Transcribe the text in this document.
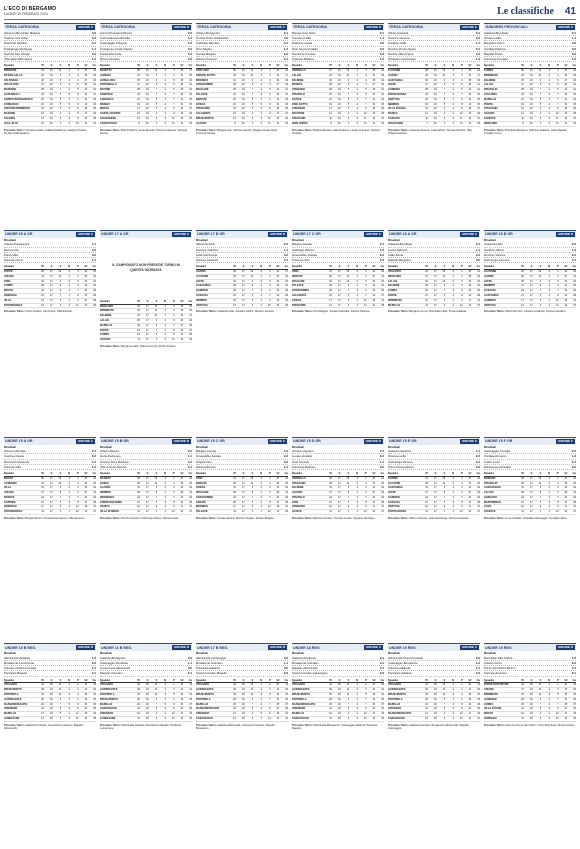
L'ECO DI BERGAMO
LUNEDÌ 19 FEBBRAIO 2024	Le classifiche 41
TERZA CATEGORIA	GIRONE A
Almenno-Brembate Madone	3-2
Caprino-Cisi Vidue	4-3
Nazionali Sedrina	3-1
Pradalunga Pedrengo	1-1
Sedrina San Giorgio	2-0
Villa Valle Vall'Imagna	1-2
Squadre	Pt	G	V	N	P	Gf	Gs
PREDORE	34	16	11	1	4	33	19
SP.SAN GALLO	30	16	9	3	4	28	18
VALTRIANA	28	16	8	4	4	27	20
SOLZA 2000	27	16	8	3	5	25	21
MATERNA	25	16	7	4	5	24	22
GAFFARELLI	23	16	6	5	5	22	21
SABBIO BERGAMASCO	22	16	6	4	6	21	22
CURNASCO	20	16	5	5	6	19	23
AMATORI BREMBATE	18	16	5	3	8	18	25
MADONE	16	16	4	4	8	17	26
CALEPIO	13	16	3	4	9	14	28
GALLUS 09	10	16	2	4	10	12	31
Prossimo Turno: Curnasco-Solza, Gaffarelli-Materna, Calepio-Predore, Sp.San Gallo-Madone.
TERZA CATEGORIA	GIRONE B
Aurora Presolana-Branzi	2-2
Ambrosiana-Fontanella	4-1
Caravaggio-Chignolo	1-0
Colognese-Costa Volpino	2-0
Fontanella-Gorle	0-1
Mozzo-Sorisole	0-3
Squadre	Pt	G	V	N	P	Gf	Gs
ROVETTA	35	16	11	2	3	36	17
AURORA	31	16	9	4	3	30	20
GORLE 2001	29	16	9	2	5	28	22
FONTANELLA	27	16	8	3	5	26	21
PAVONE	25	16	7	4	5	25	22
SORISOLE	23	16	7	2	7	24	24
CHIGNOLO	21	16	6	3	7	22	25
BRANZI	19	16	5	4	7	21	26
MOZZO	17	16	5	2	9	19	27
COSTA VOLPINO	15	16	4	3	9	18	29
COLOGNESE	12	16	3	3	10	15	30
CARAVAGGIO	8	16	2	2	12	12	33
Prossimo Turno: Branzi-Mozzo, Gorle-Rovetta, Pavone-Chignolo, Sorisole-Aurora.
TERZA CATEGORIA	GIRONE C
Alzano-Brusaporto	2-1
Cenate Sotto-Grassobbio	0-0
Calcinate-Mornico	3-1
Orio-Telgate	1-2
Seriate-Bolgare	2-2
Zanica-Trescore	0-1
Squadre	Pt	G	V	N	P	Gf	Gs
ORIO 1983	36	16	11	3	2	34	15
CENATE SOTTO	33	16	10	3	3	31	17
MORNICO	31	16	9	4	3	29	18
GRASSOBBIO	28	16	8	4	4	27	19
BOLGARE	25	16	7	4	5	24	21
TELGATE	24	16	7	3	6	23	22
SERIATE	22	16	6	4	6	22	23
ZANICA	20	16	5	5	6	20	23
TRESCORE	18	16	5	3	8	18	25
CALCINATE	15	16	4	3	9	17	27
BRUSAPORTO	12	16	3	3	10	14	30
ALZANO	9	16	2	3	11	12	33
Prossimo Turno: Bolgare-Orio, Mornico-Zanica, Telgate-Cenate Sotto, Trescore-Seriate.
TERZA CATEGORIA	GIRONE D
Bonate-Osio Sotto	2-1
Ciserano-Lallio	1-1
Dalmine-Levate	3-0
Osio Sopra-Verdello	0-2
Stezzano-Treviolo	2-3
Urgnano-Boltiere	1-0
Squadre	Pt	G	V	N	P	Gf	Gs
VERDELLO	37	16	12	1	3	35	16
LALLIO	32	16	10	2	4	30	18
DALMINE	30	16	9	3	4	28	19
BONATE	28	16	8	4	4	27	20
URGNANO	26	16	8	2	6	25	22
TREVIOLO	24	16	7	3	6	23	22
LEVATE	21	16	6	3	7	21	24
OSIO SOTTO	19	16	5	4	7	20	25
CISERANO	17	16	5	2	9	18	26
BOLTIERE	14	16	4	2	10	16	28
STEZZANO	11	16	3	2	11	14	31
OSIO SOPRA	8	16	2	2	12	11	34
Prossimo Turno: Boltiere-Bonate, Lallio-Dalmine, Levate-Urgnano, Treviolo-Verdello.
TERZA CATEGORIA	GIRONE E
Albino-Casazza	3-1
Clusone-Vertova	2-0
Gandino-Leffe	1-1
Nembro-Ponte Nossa	0-1
Ranica-Villa d'Ogna	2-2
Schilpario-Gazzaniga	1-3
Squadre	Pt	G	V	N	P	Gf	Gs
CLUSONE	38	16	12	2	2	36	14
ALBINO	33	16	10	3	3	31	17
GAZZANIGA	30	16	9	3	4	28	19
LEFFE	27	16	8	3	5	26	21
GANDINO	25	16	7	4	5	24	21
PONTE NOSSA	23	16	7	2	7	23	23
VERTOVA	20	16	6	2	8	21	25
NEMBRO	18	16	5	3	8	19	26
VILLA D'OGNA	16	16	4	4	8	18	27
RANICA	14	16	4	2	10	16	29
CASAZZA	11	16	3	2	11	14	31
SCHILPARIO	7	16	2	1	13	10	35
Prossimo Turno: Casazza-Clusone, Leffe-Albino, Vertova-Nembro, Villa d'Ogna-Gandino.
JUNIORES PROVINCIALI	GIRONE A
Atalanta-Brembate	2-1
Azzano-Lallio	1-1
Bergamo-Curno	3-0
Cividate-Dalmine	0-2
Mapello-Ponte	2-2
Stezzano-Treviglio	1-0
Squadre	Pt	G	V	N	P	Gf	Gs
CURNO	36	16	11	3	2	33	15
BREMBATE	32	16	10	2	4	30	18
DALMINE	29	16	9	2	5	27	20
LALLIO	27	16	8	3	5	26	21
TREVIGLIO	25	16	7	4	5	24	21
ATALANTA	23	16	7	2	7	23	23
MAPELLO	21	16	6	3	7	21	24
PONTE	19	16	5	4	7	20	25
STEZZANO	16	16	4	4	8	18	26
AZZANO	14	16	4	2	10	16	28
CIVIDATE	11	16	3	2	11	14	31
BERGAMO	8	16	2	2	12	11	34
Prossimo Turno: Brembate-Bergamo, Dalmine-Atalanta, Lallio-Mapello, Treviglio-Curno.
UNDER 19 A GR	GIRONE A
Risultati
Cisano-Ponteranica	4-1
Mozzo-Orio	2-2
Ponte-Villa	3-0
Sorisole-Curno	1-1
Squadre	Pt	G	V	N	P	Gf	Gs
PONTE	38	17	12	2	3	40	18
CISANO	34	17	10	4	3	35	20
ORIO	31	17	9	4	4	31	22
CURNO	28	17	8	4	5	28	23
MOZZO	26	17	8	2	7	26	25
SORISOLE	23	17	7	2	8	23	26
VILLA	19	17	5	4	8	20	28
PONTERANICA	12	17	3	3	11	14	36
Prossimo Turno: Curno-Cisano, Orio-Ponte, Villa-Sorisole.
UNDER 17 A GR	GIRONE A
IL CAMPIONATO NON PREVEDE TURNO IN QUESTA GIORNATA
Squadre	Pt	G	V	N	P	Gf	Gs
BERGAMO	40	17	13	1	3	44	16
BREMBATE	36	17	11	3	3	38	19
DALMINE	33	17	10	3	4	34	21
LALLIO	29	17	9	2	6	30	24
MAPELLO	26	17	8	2	7	27	26
PONTE	23	17	7	2	8	24	27
CURNO	19	17	5	4	8	20	29
AZZANO	11	17	3	2	12	14	39
Prossimo Turno: Bergamo-Lallio, Dalmine-Curno, Ponte-Azzano.
UNDER 17 B GR	GIRONE B
Risultati
Albino-Nembro	2-0
Clusone-Gandino	1-1
Leffe-Gazzaniga	3-2
Vertova-Casazza	0-1
Squadre	Pt	G	V	N	P	Gf	Gs
ALBINO	39	17	12	3	2	41	17
CLUSONE	35	17	11	2	4	36	20
LEFFE	31	17	9	4	4	32	22
GAZZANIGA	28	17	8	4	5	29	24
GANDINO	25	17	7	4	6	26	25
CASAZZA	22	17	6	4	7	22	26
NEMBRO	18	17	5	3	9	19	30
VERTOVA	13	17	3	4	10	15	36
Prossimo Turno: Casazza-Leffe, Gandino-Albino, Nembro-Vertova.
UNDER 17 C GR	GIRONE C
Risultati
Bolgare-Seriate	2-1
Calcinate-Zanica	1-0
Grassobbio-Telgate	2-2
Trescore-Orio	0-3
Squadre	Pt	G	V	N	P	Gf	Gs
ORIO	41	17	13	2	2	42	15
SERIATE	36	17	11	3	3	37	19
BOLGARE	32	17	10	2	5	33	22
TELGATE	28	17	8	4	5	29	24
GRASSOBBIO	25	17	7	4	6	26	25
CALCINATE	22	17	6	4	7	22	27
ZANICA	17	17	5	2	10	18	31
TRESCORE	12	17	3	3	11	14	38
Prossimo Turno: Orio-Bolgare, Seriate-Calcinate, Zanica-Trescore.
UNDER 16 A GR	GIRONE A
Risultati
Atalanta-Brembate	3-1
Curno-Dalmine	1-1
Lallio-Ponte	2-0
Mapello-Bergamo	0-2
Squadre	Pt	G	V	N	P	Gf	Gs
ATALANTA	42	17	13	3	1	45	14
BERGAMO	37	17	11	4	2	38	18
LALLIO	32	17	10	2	5	32	22
DALMINE	28	17	8	4	5	28	24
CURNO	25	17	7	4	6	25	25
PONTE	21	17	6	3	8	21	28
BREMBATE	16	17	4	4	9	17	31
MAPELLO	11	17	3	2	12	13	37
Prossimo Turno: Bergamo-Curno, Brembate-Lallio, Ponte-Atalanta.
UNDER 16 B GR	GIRONE B
Risultati
Casazza-Leffe	2-2
Gandino-Albino	1-3
Nembro-Vertova	2-0
Gazzaniga-Clusone	0-1
Squadre	Pt	G	V	N	P	Gf	Gs
CLUSONE	40	17	12	4	1	40	15
ALBINO	36	17	11	3	3	37	19
LEFFE	30	17	9	3	5	31	23
NEMBRO	27	17	8	3	6	27	25
CASAZZA	24	17	7	3	7	24	26
GAZZANIGA	21	17	6	3	8	21	28
GANDINO	17	17	5	2	10	18	32
VERTOVA	12	17	3	3	11	14	37
Prossimo Turno: Albino-Nembro, Clusone-Casazza, Vertova-Gandino.
UNDER 15 A GR	GIRONE A
Risultati
Almenno-Bonate	2-1
Caprino-Cisano	0-0
Mozzo-Ponteranica	3-1
Sorisole-Villa	1-2
Squadre	Pt	G	V	N	P	Gf	Gs
MOZZO	39	17	12	3	2	39	16
ALMENNO	34	17	10	4	3	34	20
VILLA	31	17	9	4	4	30	22
CISANO	27	17	8	3	6	27	24
BONATE	24	17	7	3	7	24	26
CAPRINO	21	17	6	3	8	21	28
SORISOLE	17	17	5	2	10	18	31
PONTERANICA	11	17	3	2	12	13	37
Prossimo Turno: Bonate-Mozzo, Ponteranica-Caprino, Villa-Almenno.
UNDER 15 B GR	GIRONE B
Risultati
Alzano-Ranica	2-0
Gorle-Pedrengo	1-1
Scanzo-Torre Boldone	3-2
Villa di Serio-Nembro	0-1
Squadre	Pt	G	V	N	P	Gf	Gs
SCANZO	40	17	12	4	1	41	16
GORLE	35	17	11	2	4	35	20
ALZANO	31	17	9	4	4	31	22
NEMBRO	28	17	8	4	5	28	24
PEDRENGO	24	17	7	3	7	24	26
TORRE BOLDONE	21	17	6	3	8	22	28
RANICA	16	17	4	4	9	17	31
VILLA DI SERIO	11	17	3	2	12	13	37
Prossimo Turno: Nembro-Scanzo, Pedrengo-Alzano, Ranica-Gorle.
UNDER 15 C GR	GIRONE C
Risultati
Bolgare-Cenate	1-0
Grassobbio-Seriate	2-2
Telgate-Orio	0-3
Zanica-Mornico	2-1
Squadre	Pt	G	V	N	P	Gf	Gs
ORIO	41	17	13	2	2	43	15
SERIATE	35	17	11	2	4	36	20
ZANICA	31	17	9	4	4	31	23
BOLGARE	28	17	8	4	5	28	24
GRASSOBBIO	24	17	7	3	7	24	26
CENATE	20	17	6	2	9	21	29
MORNICO	17	17	5	2	10	18	31
TELGATE	11	17	3	2	12	13	36
Prossimo Turno: Cenate-Zanica, Mornico-Telgate, Seriate-Bolgare.
UNDER 15 D GR	GIRONE D
Risultati
Azzano-Urgnano	2-1
Levate-Verdello	0-2
Osio-Treviolo	1-1
Stezzano-Dalmine	3-0
Squadre	Pt	G	V	N	P	Gf	Gs
VERDELLO	42	17	13	3	1	44	14
STEZZANO	36	17	11	3	3	37	19
DALMINE	31	17	9	4	4	31	22
AZZANO	27	17	8	3	6	27	25
TREVIOLO	24	17	7	3	7	24	26
OSIO	21	17	6	3	8	21	28
URGNANO	16	17	4	4	9	17	31
LEVATE	11	17	3	2	12	13	37
Prossimo Turno: Dalmine-Azzano, Treviolo-Levate, Urgnano-Stezzano.
UNDER 15 E GR	GIRONE E
Risultati
Casazza-Gandino	1-1
Clusone-Leffe	2-0
Gazzaniga-Vertova	3-1
Ponte Nossa-Albino	0-2
Squadre	Pt	G	V	N	P	Gf	Gs
ALBINO	41	17	13	2	2	42	15
CLUSONE	36	17	11	3	3	37	19
GAZZANIGA	31	17	9	4	4	31	22
LEFFE	27	17	8	3	6	27	25
GANDINO	24	17	7	3	7	24	26
CASAZZA	21	17	6	3	8	21	28
VERTOVA	16	17	4	4	9	17	31
PONTE NOSSA	11	17	3	2	12	13	37
Prossimo Turno: Albino-Clusone, Leffe-Gazzaniga, Vertova-Casazza.
UNDER 15 F GR	GIRONE F
Risultati
Caravaggio-Treviglio	2-2
Cividate-Romano	1-3
Calcio-Covo	2-1
Martinengo-Ghisalba	0-0
Squadre	Pt	G	V	N	P	Gf	Gs
ROMANO	40	17	12	4	1	40	15
TREVIGLIO	35	17	11	2	4	35	20
CARAVAGGIO	31	17	9	4	4	31	22
CALCIO	28	17	8	4	5	28	24
GHISALBA	24	17	7	3	7	24	26
MARTINENGO	21	17	6	3	8	21	28
COVO	16	17	4	4	9	17	31
CIVIDATE	11	17	3	2	12	13	37
Prossimo Turno: Covo-Cividate, Ghisalba-Caravaggio, Treviglio-Calcio.
UNDER 15 B REG.	GIRONE B
Risultati
AlbinoLeffe-Atalanta	1-2
Brusaporto-Lumezzane	2-0
Ciserano-Scanzorosciate	1-1
Pontisola-Mapello	3-1
Squadre	Pt	G	V	N	P	Gf	Gs
ATALANTA	44	18	14	2	2	48	15
BRUSAPORTO	38	18	12	2	4	40	20
PONTISOLA	34	18	10	4	4	35	22
ALBINOLEFFE	30	18	9	3	6	31	25
SCANZOROSCIATE	26	18	7	5	6	26	26
CISERANO	22	18	6	4	8	22	29
MAPELLO	17	18	5	2	11	18	34
LUMEZZANE	12	18	3	3	12	14	39
Prossimo Turno: Atalanta-Pontisola, Lumezzane-Ciserano, Mapello-AlbinoLeffe.
UNDER 16 B REG.	GIRONE B
Risultati
Atalanta-Brusaporto	2-0
Caravaggio-Pontisola	1-1
Lumezzane-AlbinoLeffe	0-2
Mapello-Ciserano	2-1
Squadre	Pt	G	V	N	P	Gf	Gs
ATALANTA	45	18	14	3	1	49	14
ALBINOLEFFE	39	18	12	3	3	41	19
PONTISOLA	33	18	10	3	5	34	23
BRUSAPORTO	30	18	9	3	6	31	25
MAPELLO	26	18	7	5	6	26	27
CARAVAGGIO	22	18	6	4	8	22	29
CISERANO	16	18	4	4	10	17	33
LUMEZZANE	11	18	3	2	13	13	40
Prossimo Turno: AlbinoLeffe-Atalanta, Brusaporto-Mapello, Pontisola-Lumezzane.
UNDER 17 B REG.	GIRONE B
Risultati
AlbinoLeffe-Caravaggio	3-0
Brusaporto-Ciserano	1-1
Pontisola-Atalanta	0-2
Scanzorosciate-Mapello	2-2
Squadre	Pt	G	V	N	P	Gf	Gs
ATALANTA	46	18	15	1	2	50	14
ALBINOLEFFE	40	18	12	4	2	42	18
BRUSAPORTO	33	18	10	3	5	34	23
PONTISOLA	29	18	9	2	7	30	26
MAPELLO	25	18	7	4	7	25	27
SCANZOROSCIATE	22	18	6	4	8	23	29
CISERANO	17	18	4	5	9	18	31
CARAVAGGIO	10	18	3	1	14	12	41
Prossimo Turno: Atalanta-AlbinoLeffe, Ciserano-Pontisola, Mapello-Brusaporto.
UNDER 18 REG.	GIRONE C
Risultati
Atalanta-Pontisola	2-1
Brusaporto-Ciserano	3-1
Mapello-AlbinoLeffe	0-1
Scanzorosciate-Caravaggio	2-2
Squadre	Pt	G	V	N	P	Gf	Gs
ATALANTA	44	18	14	2	2	47	16
ALBINOLEFFE	39	18	12	3	3	40	19
BRUSAPORTO	35	18	11	2	5	36	22
PONTISOLA	29	18	9	2	7	30	26
SCANZOROSCIATE	25	18	7	4	7	26	27
CISERANO	21	18	6	3	9	22	30
MAPELLO	16	18	4	4	10	17	33
CARAVAGGIO	11	18	3	2	13	13	40
Prossimo Turno: AlbinoLeffe-Brusaporto, Caravaggio-Atalanta, Pontisola-Mapello.
UNDER 19 REG.	GIRONE C
Risultati
AlbinoLeffe-Scanzorosciate	2-0
Caravaggio-Brusaporto	1-2
Ciserano-Mapello	1-1
Pontisola-Atalanta	0-3
Squadre	Pt	G	V	N	P	Gf	Gs
ATALANTA	47	18	15	2	1	52	13
ALBINOLEFFE	40	18	12	4	2	41	18
BRUSAPORTO	34	18	10	4	4	35	22
PONTISOLA	28	18	8	4	6	29	26
MAPELLO	24	18	7	3	8	24	28
CISERANO	21	18	6	3	9	21	30
SCANZOROSCIATE	16	18	4	4	10	17	33
CARAVAGGIO	10	18	3	1	14	12	41
Prossimo Turno: Atalanta-Ciserano, Brusaporto-AlbinoLeffe, Mapello-Caravaggio.
UNDER 19 REG.	GIRONE D
Risultati
Brembate-Villa d'Almè	1-0
Cisano-Curno	2-2
Ponte San Pietro-Mozzo	3-1
Sorisole-Almenno	0-1
Squadre	Pt	G	V	N	P	Gf	Gs
PONTE SAN PIETRO	43	18	13	4	1	44	15
CISANO	37	18	11	4	3	37	20
BREMBATE	33	18	10	3	5	33	23
ALMENNO	29	18	9	2	7	30	26
CURNO	25	18	7	4	7	25	27
VILLA D'ALMÈ	21	18	6	3	9	21	30
MOZZO	16	18	4	4	10	17	33
SORISOLE	11	18	3	2	13	13	40
Prossimo Turno: Almenno-Ponte San Pietro, Curno-Brembate, Mozzo-Cisano.
